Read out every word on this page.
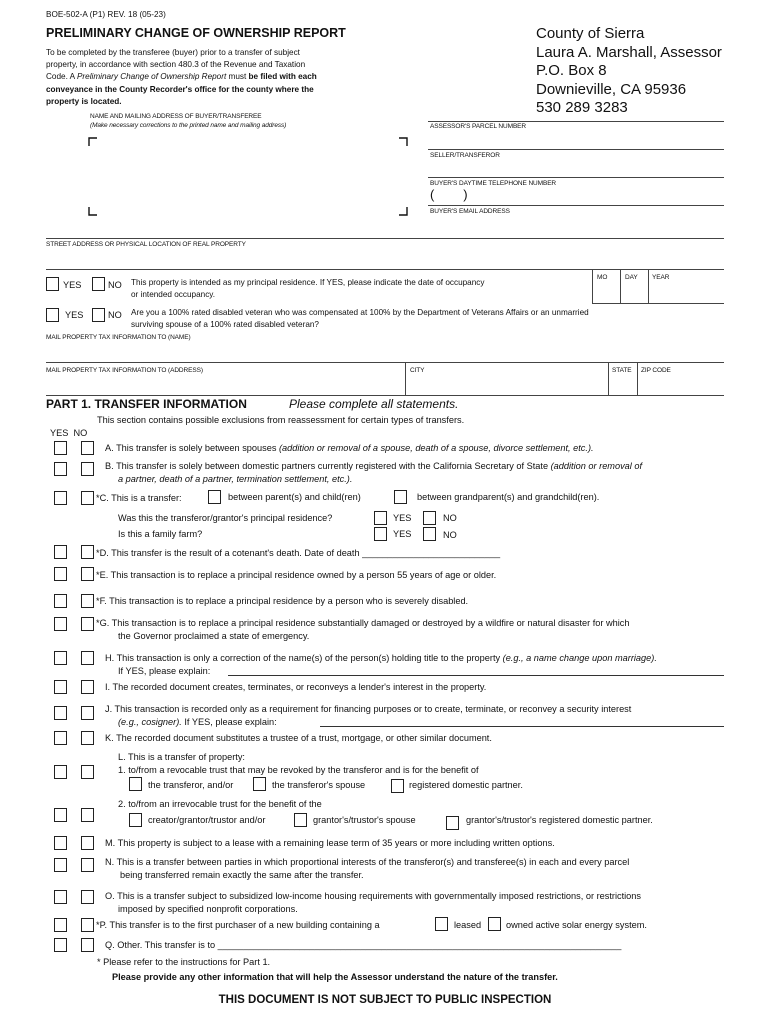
BOE-502-A (P1) REV. 18 (05-23)
PRELIMINARY CHANGE OF OWNERSHIP REPORT
To be completed by the transferee (buyer) prior to a transfer of subject
property, in accordance with section 480.3 of the Revenue and Taxation
Code. A Preliminary Change of Ownership Report must be filed with each
conveyance in the County Recorder's office for the county where the
property is located.
County of Sierra
Laura A. Marshall, Assessor
P.O. Box 8
Downieville, CA 95936
530 289 3283
NAME AND MAILING ADDRESS OF BUYER/TRANSFEREE
(Make necessary corrections to the printed name and mailing address)	ASSESSOR'S PARCEL NUMBER
SELLER/TRANSFEROR
BUYER'S DAYTIME TELEPHONE NUMBER
(        )
BUYER'S EMAIL ADDRESS
STREET ADDRESS OR PHYSICAL LOCATION OF REAL PROPERTY
YES	NO This property is intended as my principal residence. If YES, please indicate the date of occupancy
or intended occupancy.
MO	DAY YEAR
YES	NO Are you a 100% rated disabled veteran who was compensated at 100% by the Department of Veterans Affairs or an unmarried
surviving spouse of a 100% rated disabled veteran?
MAIL PROPERTY TAX INFORMATION TO (NAME)
MAIL PROPERTY TAX INFORMATION TO (ADDRESS)	CITY	STATE ZIP CODE
PART 1. TRANSFER INFORMATION	Please complete all statements.
This section contains possible exclusions from reassessment for certain types of transfers.
YES  NO
A. This transfer is solely between spouses (addition or removal of a spouse, death of a spouse, divorce settlement, etc.).
B. This transfer is solely between domestic partners currently registered with the California Secretary of State (addition or removal of
a partner, death of a partner, termination settlement, etc.).
*C. This is a transfer:	between parent(s) and child(ren)	between grandparent(s) and grandchild(ren).
Was this the transferor/grantor's principal residence?	YES	NO
Is this a family farm?	YES	NO
*D. This transfer is the result of a cotenant's death. Date of death ___________________________
*E. This transaction is to replace a principal residence owned by a person 55 years of age or older.
*F. This transaction is to replace a principal residence by a person who is severely disabled.
*G. This transaction is to replace a principal residence substantially damaged or destroyed by a wildfire or natural disaster for which
the Governor proclaimed a state of emergency.
H. This transaction is only a correction of the name(s) of the person(s) holding title to the property (e.g., a name change upon marriage).
If YES, please explain:
I. The recorded document creates, terminates, or reconveys a lender's interest in the property.
J. This transaction is recorded only as a requirement for financing purposes or to create, terminate, or reconvey a security interest
(e.g., cosigner). If YES, please explain:
K. The recorded document substitutes a trustee of a trust, mortgage, or other similar document.
L. This is a transfer of property:
1. to/from a revocable trust that may be revoked by the transferor and is for the benefit of
the transferor, and/or	the transferor's spouse	registered domestic partner.
2. to/from an irrevocable trust for the benefit of the
creator/grantor/trustor and/or	grantor's/trustor's spouse	grantor's/trustor's registered domestic partner.
M. This property is subject to a lease with a remaining lease term of 35 years or more including written options.
N. This is a transfer between parties in which proportional interests of the transferor(s) and transferee(s) in each and every parcel
being transferred remain exactly the same after the transfer.
O. This is a transfer subject to subsidized low-income housing requirements with governmentally imposed restrictions, or restrictions
imposed by specified nonprofit corporations.
*P. This transfer is to the first purchaser of a new building containing a	leased	owned active solar energy system.
Q. Other. This transfer is to _______________________________________________________________________________
* Please refer to the instructions for Part 1.
Please provide any other information that will help the Assessor understand the nature of the transfer.
THIS DOCUMENT IS NOT SUBJECT TO PUBLIC INSPECTION
